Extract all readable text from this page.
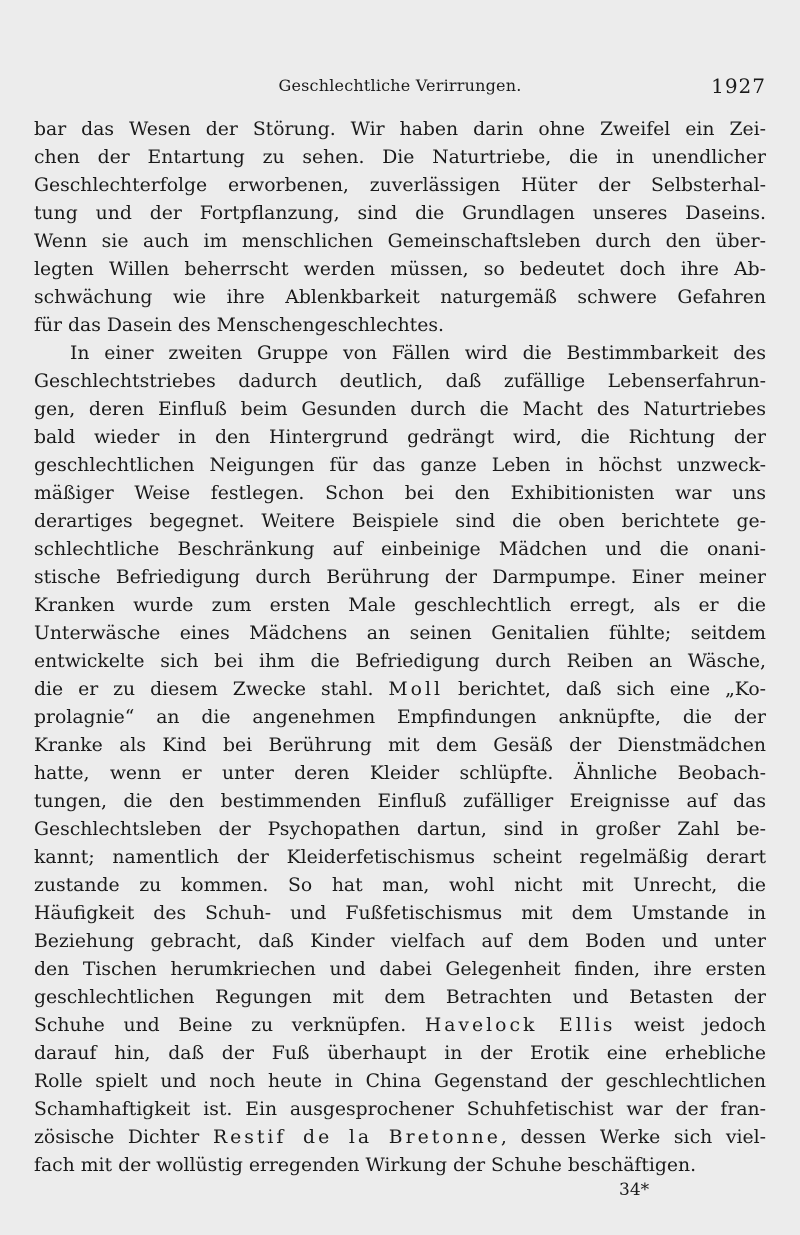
Geschlechtliche Verirrungen.	1927
bar das Wesen der Störung. Wir haben darin ohne Zweifel ein Zei-
chen der Entartung zu sehen. Die Naturtriebe, die in unendlicher
Geschlechterfolge erworbenen, zuverlässigen Hüter der Selbsterhal-
tung und der Fortpflanzung, sind die Grundlagen unseres Daseins.
Wenn sie auch im menschlichen Gemeinschaftsleben durch den über-
legten Willen beherrscht werden müssen, so bedeutet doch ihre Ab-
schwächung wie ihre Ablenkbarkeit naturgemäß schwere Gefahren
für das Dasein des Menschengeschlechtes.
In einer zweiten Gruppe von Fällen wird die Bestimmbarkeit des
Geschlechtstriebes dadurch deutlich, daß zufällige Lebenserfahrun-
gen, deren Einfluß beim Gesunden durch die Macht des Naturtriebes
bald wieder in den Hintergrund gedrängt wird, die Richtung der
geschlechtlichen Neigungen für das ganze Leben in höchst unzweck-
mäßiger Weise festlegen. Schon bei den Exhibitionisten war uns
derartiges begegnet. Weitere Beispiele sind die oben berichtete ge-
schlechtliche Beschränkung auf einbeinige Mädchen und die onani-
stische Befriedigung durch Berührung der Darmpumpe. Einer meiner
Kranken wurde zum ersten Male geschlechtlich erregt, als er die
Unterwäsche eines Mädchens an seinen Genitalien fühlte; seitdem
entwickelte sich bei ihm die Befriedigung durch Reiben an Wäsche,
die er zu diesem Zwecke stahl. Moll berichtet, daß sich eine „Ko-
prolagnie“ an die angenehmen Empfindungen anknüpfte, die der
Kranke als Kind bei Berührung mit dem Gesäß der Dienstmädchen
hatte, wenn er unter deren Kleider schlüpfte. Ähnliche Beobach-
tungen, die den bestimmenden Einfluß zufälliger Ereignisse auf das
Geschlechtsleben der Psychopathen dartun, sind in großer Zahl be-
kannt; namentlich der Kleiderfetischismus scheint regelmäßig derart
zustande zu kommen. So hat man, wohl nicht mit Unrecht, die
Häufigkeit des Schuh- und Fußfetischismus mit dem Umstande in
Beziehung gebracht, daß Kinder vielfach auf dem Boden und unter
den Tischen herumkriechen und dabei Gelegenheit finden, ihre ersten
geschlechtlichen Regungen mit dem Betrachten und Betasten der
Schuhe und Beine zu verknüpfen. Havelock Ellis weist jedoch
darauf hin, daß der Fuß überhaupt in der Erotik eine erhebliche
Rolle spielt und noch heute in China Gegenstand der geschlechtlichen
Schamhaftigkeit ist. Ein ausgesprochener Schuhfetischist war der fran-
zösische Dichter Restif de la Bretonne, dessen Werke sich viel-
fach mit der wollüstig erregenden Wirkung der Schuhe beschäftigen.
34*
